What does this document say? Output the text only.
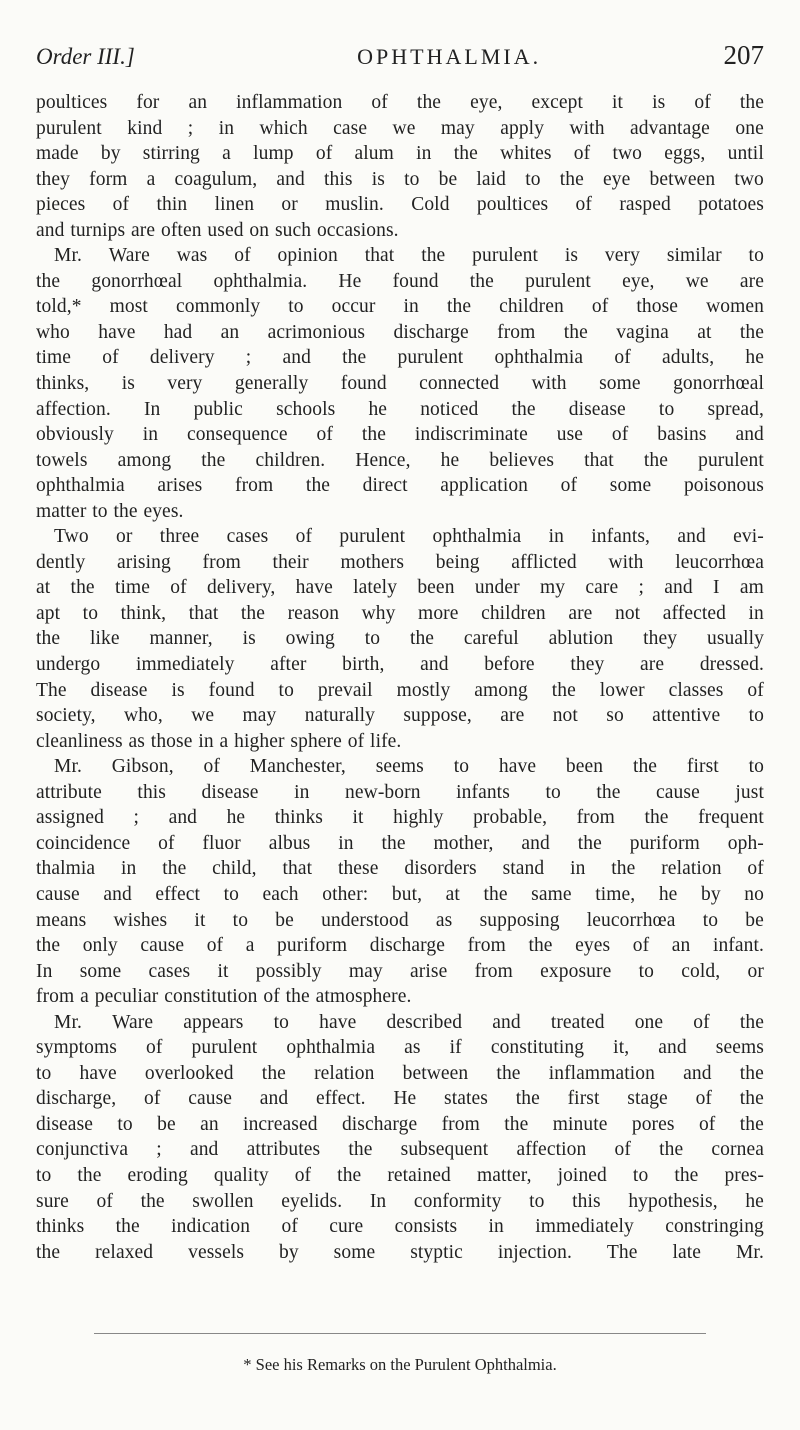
Order III.]	OPHTHALMIA.	207
poultices for an inflammation of the eye, except it is of the
purulent kind ; in which case we may apply with advantage one
made by stirring a lump of alum in the whites of two eggs, until
they form a coagulum, and this is to be laid to the eye between two
pieces of thin linen or muslin. Cold poultices of rasped potatoes
and turnips are often used on such occasions.
Mr. Ware was of opinion that the purulent is very similar to
the gonorrhœal ophthalmia. He found the purulent eye, we are
told,* most commonly to occur in the children of those women
who have had an acrimonious discharge from the vagina at the
time of delivery ; and the purulent ophthalmia of adults, he
thinks, is very generally found connected with some gonorrhœal
affection. In public schools he noticed the disease to spread,
obviously in consequence of the indiscriminate use of basins and
towels among the children. Hence, he believes that the purulent
ophthalmia arises from the direct application of some poisonous
matter to the eyes.
Two or three cases of purulent ophthalmia in infants, and evi-
dently arising from their mothers being afflicted with leucorrhœa
at the time of delivery, have lately been under my care ; and I am
apt to think, that the reason why more children are not affected in
the like manner, is owing to the careful ablution they usually
undergo immediately after birth, and before they are dressed.
The disease is found to prevail mostly among the lower classes of
society, who, we may naturally suppose, are not so attentive to
cleanliness as those in a higher sphere of life.
Mr. Gibson, of Manchester, seems to have been the first to
attribute this disease in new-born infants to the cause just
assigned ; and he thinks it highly probable, from the frequent
coincidence of fluor albus in the mother, and the puriform oph-
thalmia in the child, that these disorders stand in the relation of
cause and effect to each other: but, at the same time, he by no
means wishes it to be understood as supposing leucorrhœa to be
the only cause of a puriform discharge from the eyes of an infant.
In some cases it possibly may arise from exposure to cold, or
from a peculiar constitution of the atmosphere.
Mr. Ware appears to have described and treated one of the
symptoms of purulent ophthalmia as if constituting it, and seems
to have overlooked the relation between the inflammation and the
discharge, of cause and effect. He states the first stage of the
disease to be an increased discharge from the minute pores of the
conjunctiva ; and attributes the subsequent affection of the cornea
to the eroding quality of the retained matter, joined to the pres-
sure of the swollen eyelids. In conformity to this hypothesis, he
thinks the indication of cure consists in immediately constringing
the relaxed vessels by some styptic injection. The late Mr.
* See his Remarks on the Purulent Ophthalmia.
